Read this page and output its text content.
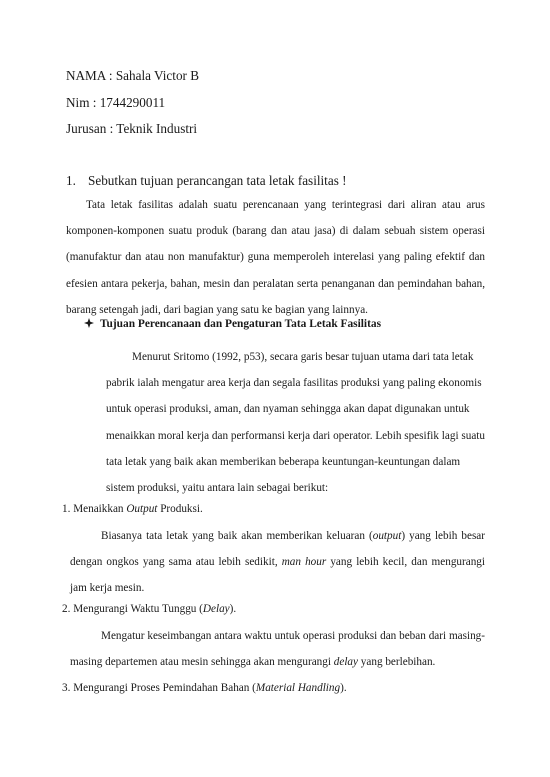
NAMA : Sahala Victor B
Nim : 1744290011
Jurusan : Teknik Industri
1. Sebutkan tujuan perancangan tata letak fasilitas !
Tata letak fasilitas adalah suatu perencanaan yang terintegrasi dari aliran atau arus komponen-komponen suatu produk (barang dan atau jasa) di dalam sebuah sistem operasi (manufaktur dan atau non manufaktur) guna memperoleh interelasi yang paling efektif dan efesien antara pekerja, bahan, mesin dan peralatan serta penanganan dan pemindahan bahan, barang setengah jadi, dari bagian yang satu ke bagian yang lainnya.
Tujuan Perencanaan dan Pengaturan Tata Letak Fasilitas
Menurut Sritomo (1992, p53), secara garis besar tujuan utama dari tata letak pabrik ialah mengatur area kerja dan segala fasilitas produksi yang paling ekonomis untuk operasi produksi, aman, dan nyaman sehingga akan dapat digunakan untuk menaikkan moral kerja dan performansi kerja dari operator. Lebih spesifik lagi suatu tata letak yang baik akan memberikan beberapa keuntungan-keuntungan dalam sistem produksi, yaitu antara lain sebagai berikut:
1. Menaikkan Output Produksi.

Biasanya tata letak yang baik akan memberikan keluaran (output) yang lebih besar dengan ongkos yang sama atau lebih sedikit, man hour yang lebih kecil, dan mengurangi jam kerja mesin.

2. Mengurangi Waktu Tunggu (Delay).

Mengatur keseimbangan antara waktu untuk operasi produksi dan beban dari masing-masing departemen atau mesin sehingga akan mengurangi delay yang berlebihan.

3. Mengurangi Proses Pemindahan Bahan (Material Handling).
